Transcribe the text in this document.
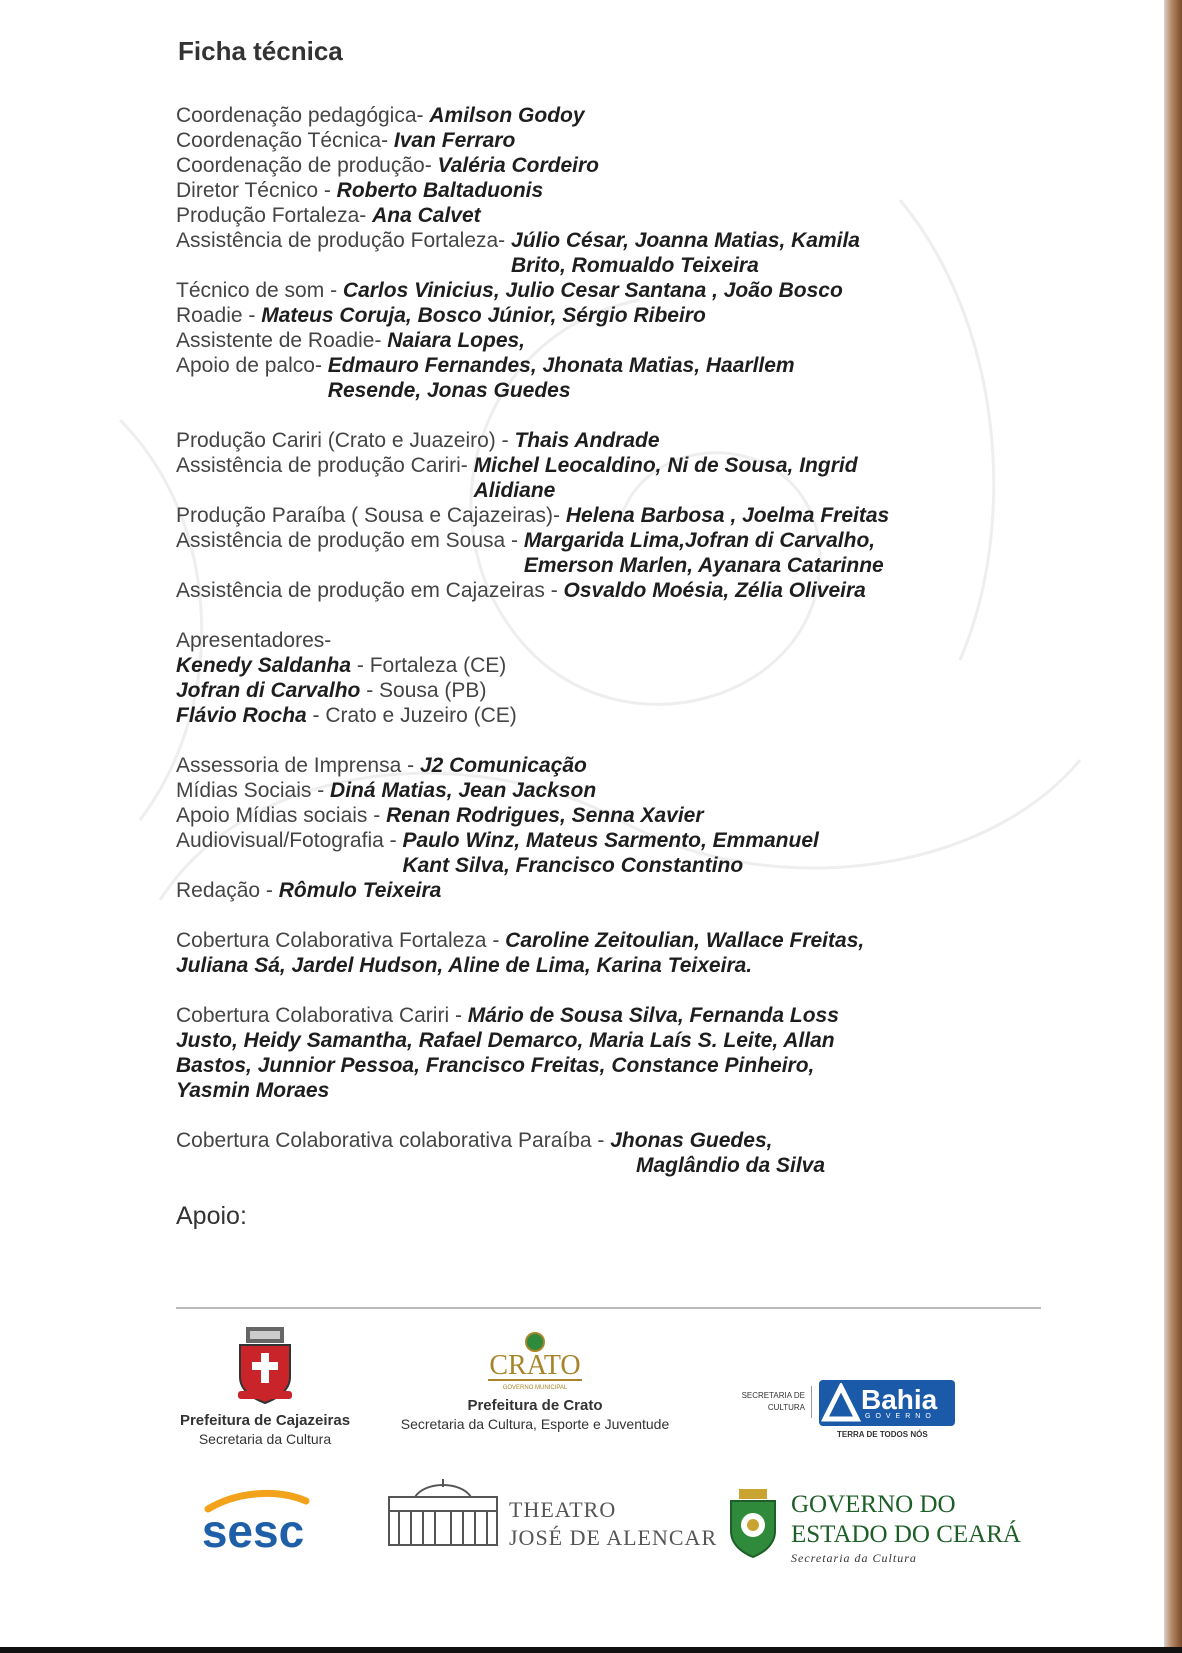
Ficha técnica
Coordenação pedagógica- Amilson Godoy
Coordenação Técnica- Ivan Ferraro
Coordenação de produção- Valéria Cordeiro
Diretor Técnico - Roberto Baltaduonis
Produção Fortaleza- Ana Calvet
Assistência de produção Fortaleza- Júlio César, Joanna Matias, Kamila
Brito, Romualdo Teixeira
Técnico de som - Carlos Vinicius, Julio Cesar Santana , João Bosco
Roadie - Mateus Coruja, Bosco Júnior, Sérgio Ribeiro
Assistente de Roadie- Naiara Lopes,
Apoio de palco- Edmauro Fernandes, Jhonata Matias, Haarllem
Resende, Jonas Guedes
Produção Cariri (Crato e Juazeiro) - Thais Andrade
Assistência de produção Cariri- Michel Leocaldino, Ni de Sousa, Ingrid
Alidiane
Produção Paraíba ( Sousa e Cajazeiras)- Helena Barbosa , Joelma Freitas
Assistência de produção em Sousa - Margarida Lima,Jofran di Carvalho,
Emerson Marlen, Ayanara Catarinne
Assistência de produção em Cajazeiras - Osvaldo Moésia, Zélia Oliveira
Apresentadores-
Kenedy Saldanha - Fortaleza (CE)
Jofran di Carvalho - Sousa (PB)
Flávio Rocha - Crato e Juzeiro (CE)
Assessoria de Imprensa - J2 Comunicação
Mídias Sociais - Diná Matias, Jean Jackson
Apoio Mídias sociais - Renan Rodrigues, Senna Xavier
Audiovisual/Fotografia - Paulo Winz, Mateus Sarmento, Emmanuel
Kant Silva, Francisco Constantino
Redação - Rômulo Teixeira
Cobertura Colaborativa Fortaleza - Caroline Zeitoulian, Wallace Freitas,
Juliana Sá, Jardel Hudson, Aline de Lima, Karina Teixeira.
Cobertura Colaborativa Cariri - Mário de Sousa Silva, Fernanda Loss
Justo, Heidy Samantha, Rafael Demarco, Maria Laís S. Leite, Allan
Bastos, Junnior Pessoa, Francisco Freitas, Constance Pinheiro,
Yasmin Moraes
Cobertura Colaborativa colaborativa Paraíba - Jhonas Guedes,
Maglândio da Silva
Apoio:
Prefeitura de Cajazeiras
Secretaria da Cultura
CRATO
GOVERNO MUNICIPAL
Prefeitura de Crato
Secretaria da Cultura, Esporte e Juventude
SECRETARIA DE
CULTURA Bahia
GOVERNO
TERRA DE TODOS NÓS
sesc	THEATRO
JOSÉ DE ALENCAR
GOVERNO DO
ESTADO DO CEARÁ
Secretaria da Cultura
